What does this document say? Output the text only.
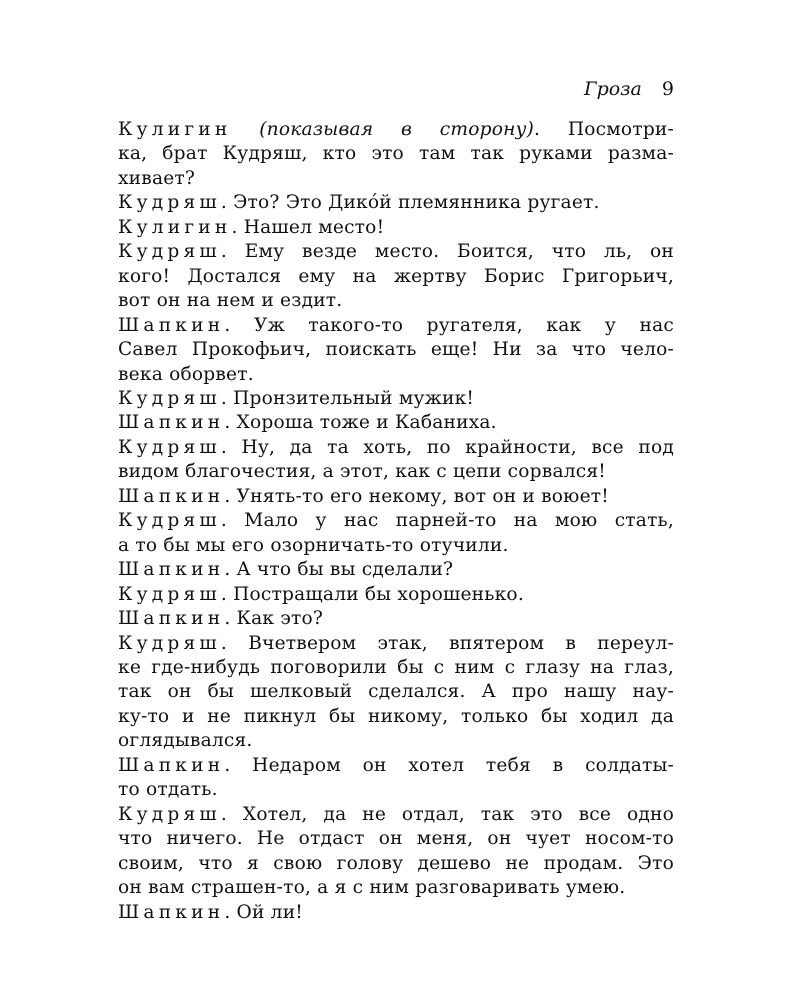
Гроза 9
Кулигин (показывая в сторону). Посмотри-
ка, брат Кудряш, кто это там так руками разма-
хивает?
Кудряш. Это? Это Дико́й племянника ругает.
Кулигин. Нашел место!
Кудряш. Ему везде место. Боится, что ль, он
кого! Достался ему на жертву Борис Григорьич,
вот он на нем и ездит.
Шапкин. Уж такого-то ругателя, как у нас
Савел Прокофьич, поискать еще! Ни за что чело-
века оборвет.
Кудряш. Пронзительный мужик!
Шапкин. Хороша тоже и Кабаниха.
Кудряш. Ну, да та хоть, по крайности, все под
видом благочестия, а этот, как с цепи сорвался!
Шапкин. Унять-то его некому, вот он и воюет!
Кудряш. Мало у нас парней-то на мою стать,
а то бы мы его озорничать-то отучили.
Шапкин. А что бы вы сделали?
Кудряш. Постращали бы хорошенько.
Шапкин. Как это?
Кудряш. Вчетвером этак, впятером в переул-
ке где-нибудь поговорили бы с ним с глазу на глаз,
так он бы шелковый сделался. А про нашу нау-
ку-то и не пикнул бы никому, только бы ходил да
оглядывался.
Шапкин. Недаром он хотел тебя в солдаты-
то отдать.
Кудряш. Хотел, да не отдал, так это все одно
что ничего. Не отдаст он меня, он чует носом-то
своим, что я свою голову дешево не продам. Это
он вам страшен-то, а я с ним разговаривать умею.
Шапкин. Ой ли!
